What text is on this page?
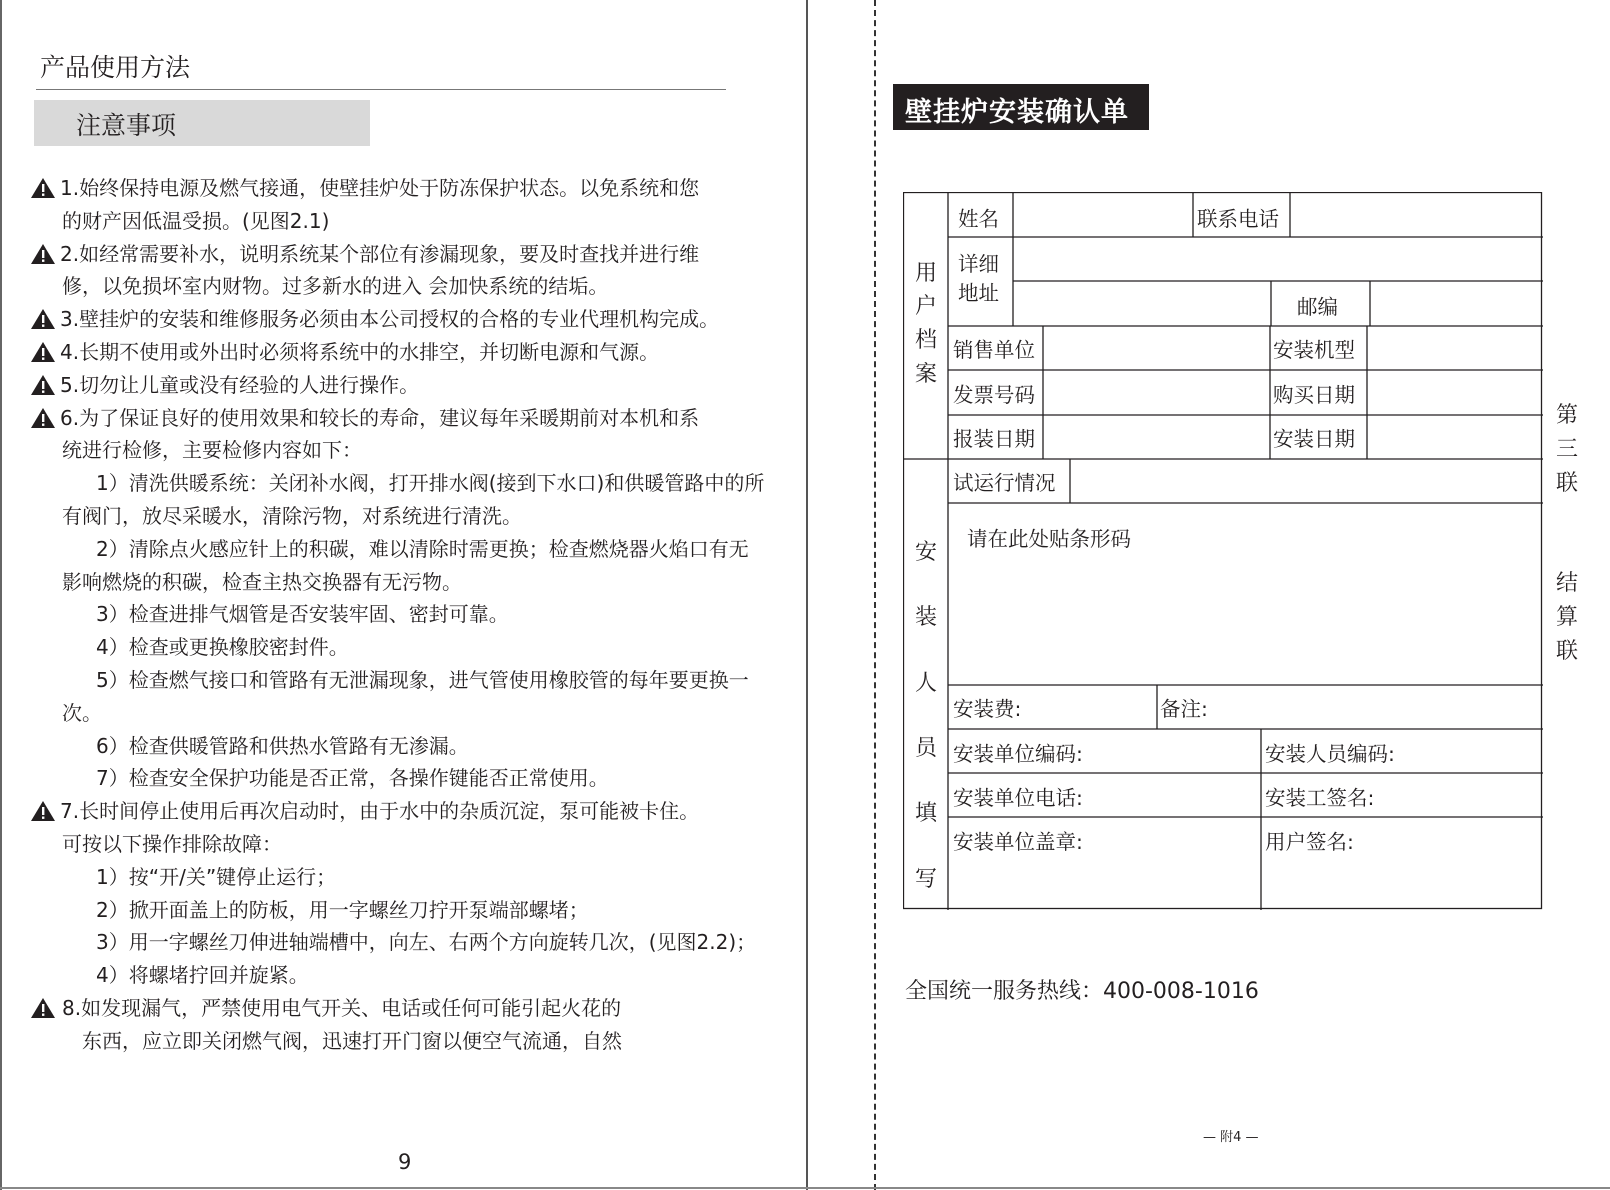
产品使用方法
注意事项
1.始终保持电源及燃气接通，使壁挂炉处于防冻保护状态。以免系统和您
的财产因低温受损。(见图2.1)
2.如经常需要补水，说明系统某个部位有渗漏现象，要及时查找并进行维
修，以免损坏室内财物。过多新水的进入 会加快系统的结垢。
3.壁挂炉的安装和维修服务必须由本公司授权的合格的专业代理机构完成。
4.长期不使用或外出时必须将系统中的水排空，并切断电源和气源。
5.切勿让儿童或没有经验的人进行操作。
6.为了保证良好的使用效果和较长的寿命，建议每年采暖期前对本机和系
统进行检修，主要检修内容如下：
1）清洗供暖系统：关闭补水阀，打开排水阀(接到下水口)和供暖管路中的所有阀门，放尽采暖水，清除污物，对系统进行清洗。
2）清除点火感应针上的积碳，难以清除时需更换；检查燃烧器火焰口有无影响燃烧的积碳，检查主热交换器有无污物。
3）检查进排气烟管是否安装牢固、密封可靠。
4）检查或更换橡胶密封件。
5）检查燃气接口和管路有无泄漏现象，进气管使用橡胶管的每年要更换一次。
6）检查供暖管路和供热水管路有无渗漏。
7）检查安全保护功能是否正常，各操作键能否正常使用。
7.长时间停止使用后再次启动时，由于水中的杂质沉淀，泵可能被卡住。
可按以下操作排除故障：
1）按“开/关”键停止运行；
2）掀开面盖上的防板，用一字螺丝刀拧开泵端部螺堵；
3）用一字螺丝刀伸进轴端槽中，向左、右两个方向旋转几次，(见图2.2)；
4）将螺堵拧回并旋紧。
8.如发现漏气，严禁使用电气开关、电话或任何可能引起火花的
东西，应立即关闭燃气阀，迅速打开门窗以便空气流通，自然
9
壁挂炉安装确认单
用
户
档
案
安
装
人
员
填
写
姓名	联系电话
详细
地址
邮编
销售单位	安装机型
发票号码	购买日期
报装日期	安装日期
试运行情况
请在此处贴条形码
安装费:	备注:
安装单位编码:	安装人员编码:
安装单位电话:	安装工签名:
安装单位盖章:	用户签名:
第
三
联
结
算
联
全国统一服务热线：400-008-1016
— 附4 —
